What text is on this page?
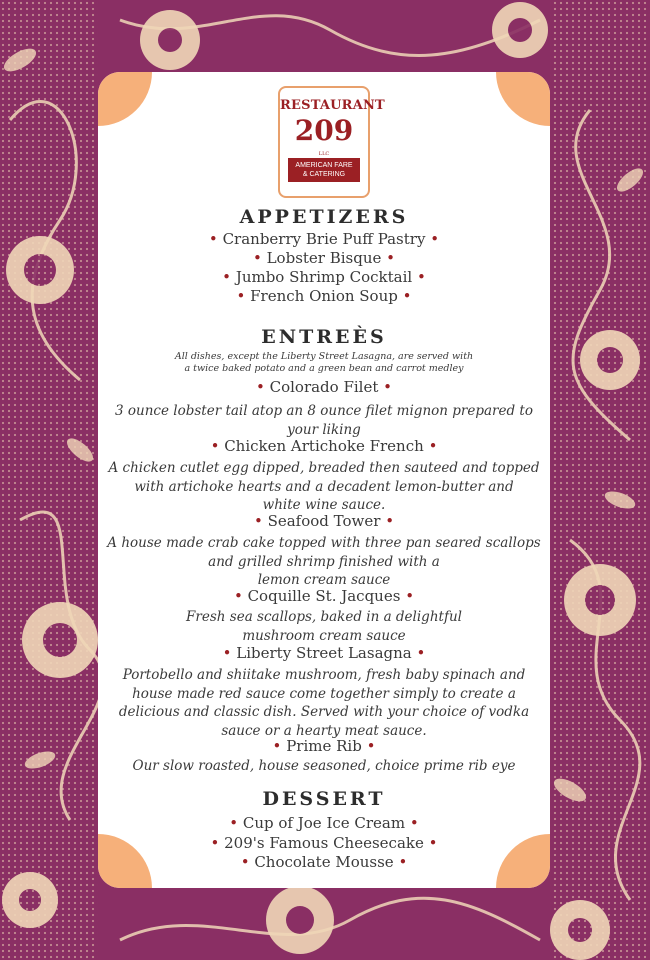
RESTAURANT
209
LLC
AMERICAN FARE
& CATERING
APPETIZERS
• Cranberry Brie Puff Pastry •
• Lobster Bisque •
• Jumbo Shrimp Cocktail •
• French Onion Soup •
ENTREÈS
All dishes, except the Liberty Street Lasagna, are served with
a twice baked potato and a green bean and carrot medley
• Colorado Filet •
3 ounce lobster tail atop an 8 ounce filet mignon prepared to
your liking
• Chicken Artichoke French •
A chicken cutlet egg dipped, breaded then sauteed and topped
with artichoke hearts and a decadent lemon-butter and
white wine sauce.
• Seafood Tower •
A house made crab cake topped with three pan seared scallops
and grilled shrimp finished with a
lemon cream sauce
• Coquille St. Jacques •
Fresh sea scallops, baked in a delightful
mushroom cream sauce
• Liberty Street Lasagna •
Portobello and shiitake mushroom, fresh baby spinach and
house made red sauce come together simply to create a
delicious and classic dish. Served with your choice of vodka
sauce or a hearty meat sauce.
• Prime Rib •
Our slow roasted, house seasoned, choice prime rib eye
DESSERT
• Cup of Joe Ice Cream •
• 209's Famous Cheesecake •
• Chocolate Mousse •
